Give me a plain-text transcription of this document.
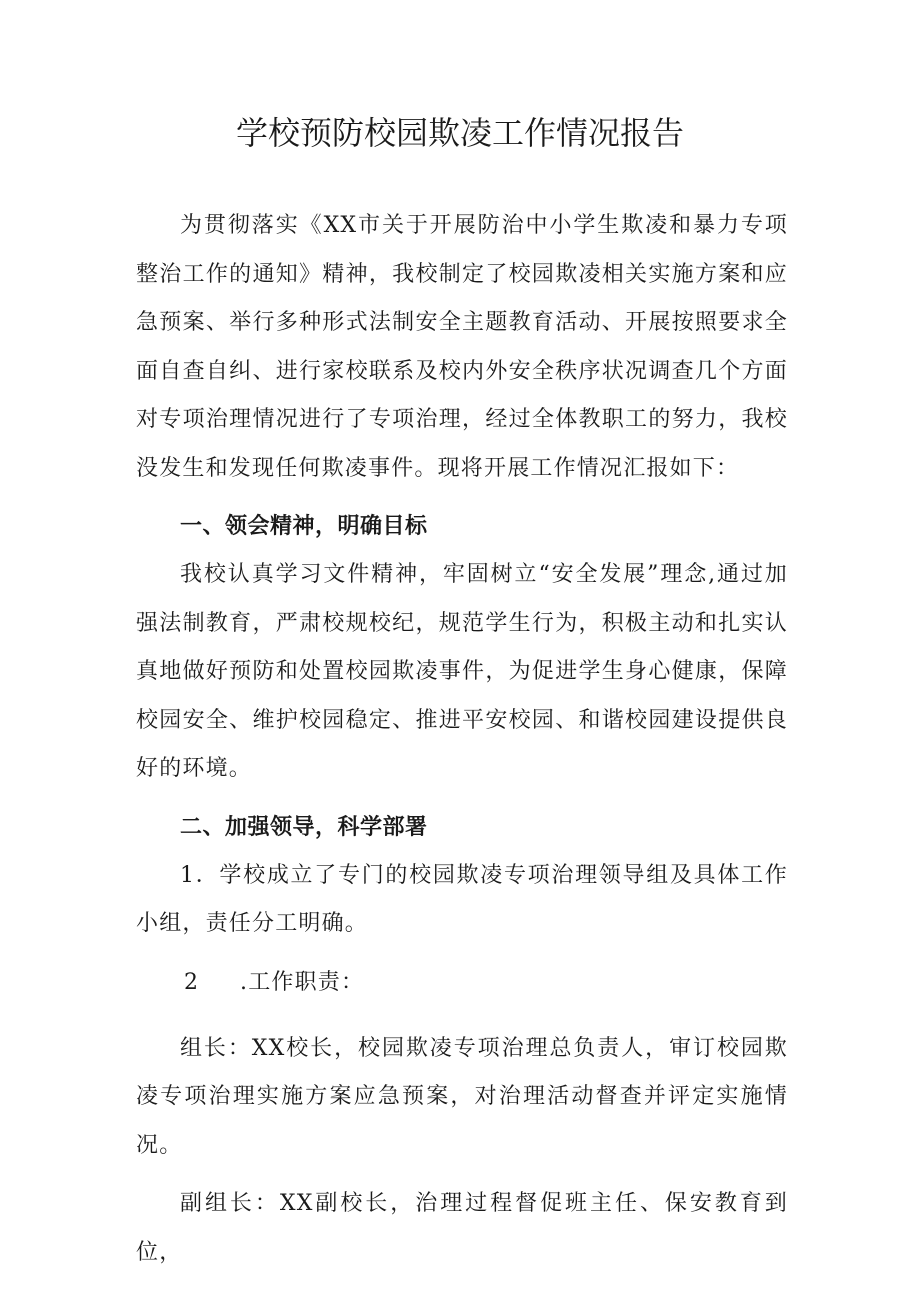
学校预防校园欺凌工作情况报告

为贯彻落实《XX市关于开展防治中小学生欺凌和暴力专项整治工作的通知》精神，我校制定了校园欺凌相关实施方案和应急预案、举行多种形式法制安全主题教育活动、开展按照要求全面自查自纠、进行家校联系及校内外安全秩序状况调查几个方面对专项治理情况进行了专项治理，经过全体教职工的努力，我校没发生和发现任何欺凌事件。现将开展工作情况汇报如下：

一、领会精神，明确目标

我校认真学习文件精神，牢固树立“安全发展”理念,通过加强法制教育，严肃校规校纪，规范学生行为，积极主动和扎实认真地做好预防和处置校园欺凌事件，为促进学生身心健康，保障校园安全、维护校园稳定、推进平安校园、和谐校园建设提供良好的环境。

二、加强领导，科学部署

1．学校成立了专门的校园欺凌专项治理领导组及具体工作小组，责任分工明确。

2 .工作职责：

组长：XX校长，校园欺凌专项治理总负责人，审订校园欺凌专项治理实施方案应急预案，对治理活动督查并评定实施情况。

副组长：XX副校长，治理过程督促班主任、保安教育到位，
